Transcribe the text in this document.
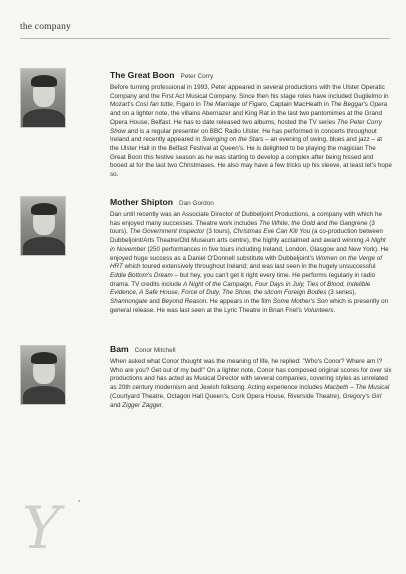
the company
The Great Boon Peter Corry

Before turning professional in 1993, Peter appeared in several productions with the Ulster Operatic Company and the First Act Musical Company. Since then his stage roles have included Guglielmo in Mozart's Così fan tutte, Figaro in The Marriage of Figaro, Captain MacHeath in The Beggar's Opera and on a lighter note, the villains Abernazer and King Rat in the last two pantomimes at the Grand Opera House, Belfast. He has to date released two albums, hosted the TV series The Peter Corry Show and is a regular presenter on BBC Radio Ulster. He has performed in concerts throughout Ireland and recently appeared in Swinging on the Stars – an evening of swing, blues and jazz – at the Ulster Hall in the Belfast Festival at Queen's. He is delighted to be playing the magician The Great Boon this festive season as he was starting to develop a complex after being hissed and booed at for the last two Christmases. He also may have a few tricks up his sleeve, at least let's hope so.

Mother Shipton Dan Gordon

Dan until recently was an Associate Director of Dubbeljoint Productions, a company with which he has enjoyed many successes. Theatre work includes The White, the Gold and the Gangrene (3 tours), The Government Inspector (3 tours), Christmas Eve Can Kill You (a co-production between Dubbeljoint/Arts Theatre/Old Museum arts centre), the highly acclaimed and award winning A Night in November (250 performances in five tours including Ireland, London, Glasgow and New York). He enjoyed huge success as a Daniel O'Donnell substitute with Dubbeljoint's Women on the Verge of HRT which toured extensively throughout Ireland; and was last seen in the hugely unsuccessful Eddie Bottom's Dream – but hey, you can't get it right every time. He performs regularly in radio drama. TV credits include A Night of the Campaign, Four Days in July, Ties of Blood, Indelible Evidence, A Safe House, Force of Duty, The Show, the sitcom Foreign Bodies (3 series), Shannongate and Beyond Reason. He appears in the film Some Mother's Son which is presently on general release. He was last seen at the Lyric Theatre in Brian Friel's Volunteers.

Bam Conor Mitchell

When asked what Conor thought was the meaning of life, he replied: "Who's Conor? Where am I? Who are you? Get out of my bed!" On a lighter note, Conor has composed original scores for over six productions and has acted as Musical Director with several companies, covering styles as unrelated as 20th century modernism and Jewish folksong. Acting experience includes Macbeth – The Musical (Courtyard Theatre, Octagon Hall Queen's, Cork Opera House, Riverside Theatre), Gregory's Girl and Zigger Zagger.

Y
